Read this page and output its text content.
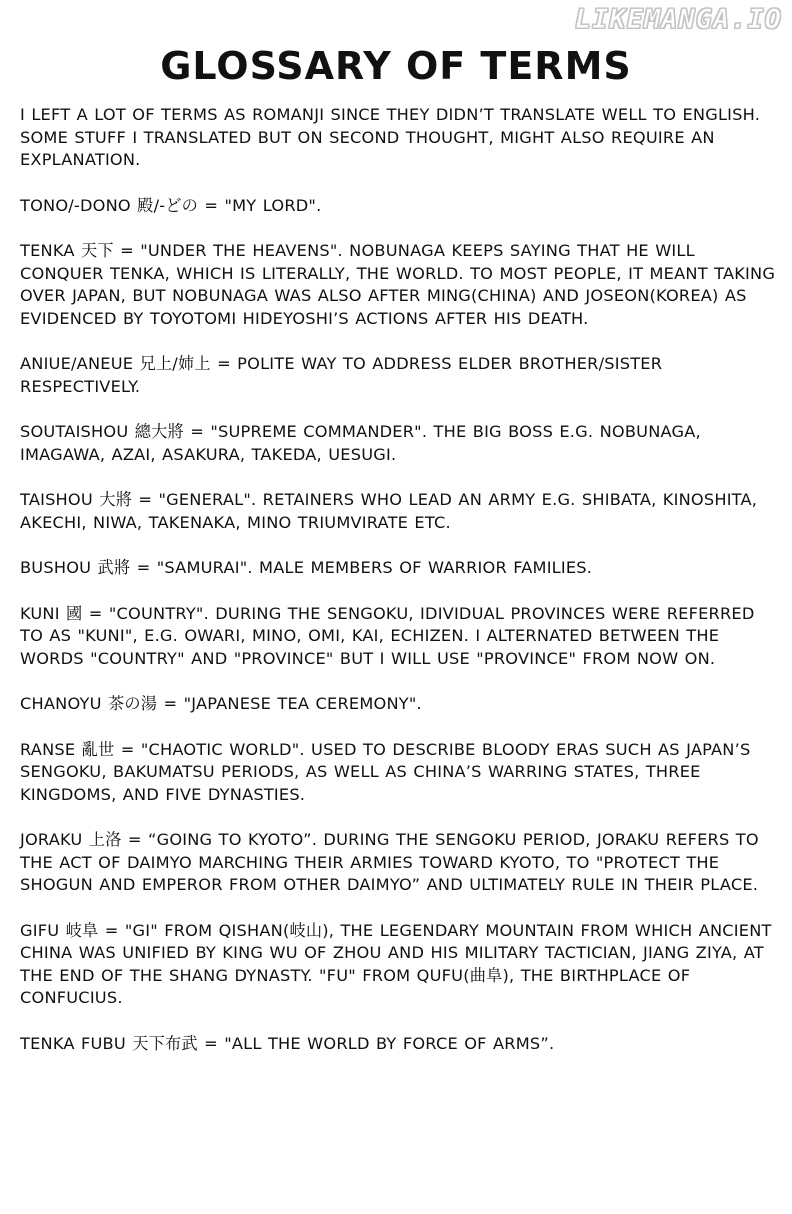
LIKEMANGA.IO
GLOSSARY OF TERMS

I LEFT A LOT OF TERMS AS ROMANJI SINCE THEY DIDN’T TRANSLATE WELL TO ENGLISH. SOME STUFF I TRANSLATED BUT ON SECOND THOUGHT, MIGHT ALSO REQUIRE AN EXPLANATION.

TONO/-DONO 殿/-どの = "MY LORD".

TENKA 天下 = "UNDER THE HEAVENS". NOBUNAGA KEEPS SAYING THAT HE WILL CONQUER TENKA, WHICH IS LITERALLY, THE WORLD. TO MOST PEOPLE, IT MEANT TAKING OVER JAPAN, BUT NOBUNAGA WAS ALSO AFTER MING(CHINA) AND JOSEON(KOREA) AS EVIDENCED BY TOYOTOMI HIDEYOSHI’S ACTIONS AFTER HIS DEATH.

ANIUE/ANEUE 兄上/姉上 = POLITE WAY TO ADDRESS ELDER BROTHER/SISTER RESPECTIVELY.

SOUTAISHOU 總大將 = "SUPREME COMMANDER". THE BIG BOSS E.G. NOBUNAGA, IMAGAWA, AZAI, ASAKURA, TAKEDA, UESUGI.

TAISHOU 大將 = "GENERAL". RETAINERS WHO LEAD AN ARMY E.G. SHIBATA, KINOSHITA, AKECHI, NIWA, TAKENAKA, MINO TRIUMVIRATE ETC.

BUSHOU 武將 = "SAMURAI". MALE MEMBERS OF WARRIOR FAMILIES.

KUNI 國 = "COUNTRY". DURING THE SENGOKU, IDIVIDUAL PROVINCES WERE REFERRED TO AS "KUNI", E.G. OWARI, MINO, OMI, KAI, ECHIZEN. I ALTERNATED BETWEEN THE WORDS "COUNTRY" AND "PROVINCE" BUT I WILL USE "PROVINCE" FROM NOW ON.

CHANOYU 茶の湯 = "JAPANESE TEA CEREMONY".

RANSE 亂世 = "CHAOTIC WORLD". USED TO DESCRIBE BLOODY ERAS SUCH AS JAPAN’S SENGOKU, BAKUMATSU PERIODS, AS WELL AS CHINA’S WARRING STATES, THREE KINGDOMS, AND FIVE DYNASTIES.

JORAKU 上洛 = “GOING TO KYOTO”. DURING THE SENGOKU PERIOD, JORAKU REFERS TO THE ACT OF DAIMYO MARCHING THEIR ARMIES TOWARD KYOTO, TO "PROTECT THE SHOGUN AND EMPEROR FROM OTHER DAIMYO” AND ULTIMATELY RULE IN THEIR PLACE.

GIFU 岐阜 = "GI" FROM QISHAN(岐山), THE LEGENDARY MOUNTAIN FROM WHICH ANCIENT CHINA WAS UNIFIED BY KING WU OF ZHOU AND HIS MILITARY TACTICIAN, JIANG ZIYA, AT THE END OF THE SHANG DYNASTY. "FU" FROM QUFU(曲阜), THE BIRTHPLACE OF CONFUCIUS.

TENKA FUBU 天下布武 = "ALL THE WORLD BY FORCE OF ARMS”.
